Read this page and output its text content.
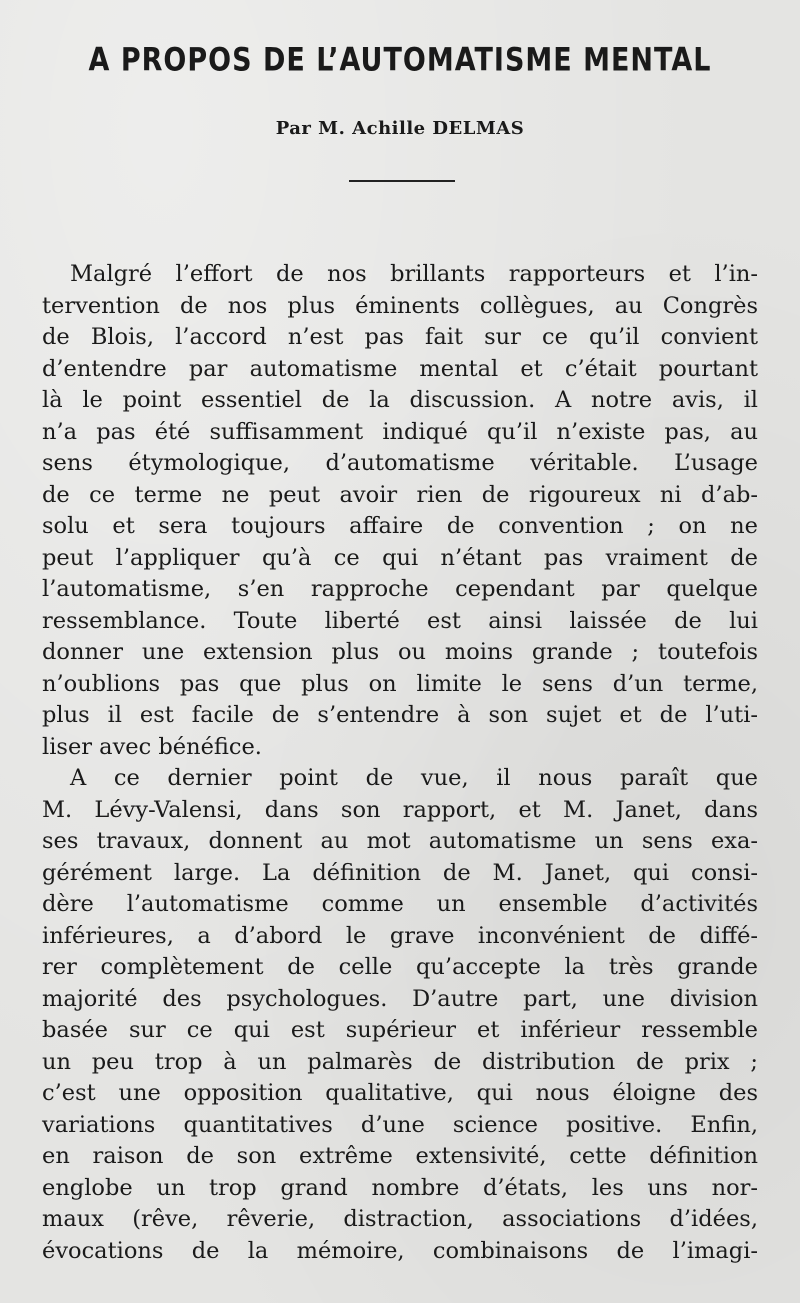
A PROPOS DE L’AUTOMATISME MENTAL
Par M. Achille DELMAS
Malgré l’effort de nos brillants rapporteurs et l’in-
tervention de nos plus éminents collègues, au Congrès
de Blois, l’accord n’est pas fait sur ce qu’il convient
d’entendre par automatisme mental et c’était pourtant
là le point essentiel de la discussion. A notre avis, il
n’a pas été suffisamment indiqué qu’il n’existe pas, au
sens étymologique, d’automatisme véritable. L’usage
de ce terme ne peut avoir rien de rigoureux ni d’ab-
solu et sera toujours affaire de convention ; on ne
peut l’appliquer qu’à ce qui n’étant pas vraiment de
l’automatisme, s’en rapproche cependant par quelque
ressemblance. Toute liberté est ainsi laissée de lui
donner une extension plus ou moins grande ; toutefois
n’oublions pas que plus on limite le sens d’un terme,
plus il est facile de s’entendre à son sujet et de l’uti-
liser avec bénéfice.
A ce dernier point de vue, il nous paraît que
M. Lévy-Valensi, dans son rapport, et M. Janet, dans
ses travaux, donnent au mot automatisme un sens exa-
gérément large. La définition de M. Janet, qui consi-
dère l’automatisme comme un ensemble d’activités
inférieures, a d’abord le grave inconvénient de diffé-
rer complètement de celle qu’accepte la très grande
majorité des psychologues. D’autre part, une division
basée sur ce qui est supérieur et inférieur ressemble
un peu trop à un palmarès de distribution de prix ;
c’est une opposition qualitative, qui nous éloigne des
variations quantitatives d’une science positive. Enfin,
en raison de son extrême extensivité, cette définition
englobe un trop grand nombre d’états, les uns nor-
maux (rêve, rêverie, distraction, associations d’idées,
évocations de la mémoire, combinaisons de l’imagi-
